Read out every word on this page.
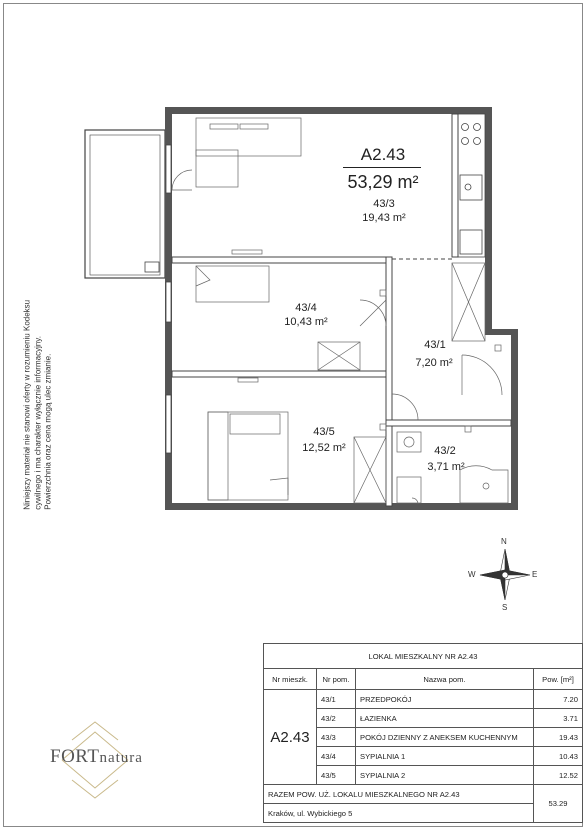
A2.43
53,29 m²
43/3
19,43 m²
43/4
10,43 m²
43/1
7,20 m²
43/5
12,52 m²	43/2
3,71 m²
Niniejszy materiał nie stanowi oferty w rozumieniu Kodeksu cywilnego i ma charakter wyłącznie informacyjny. Powierzchnia oraz cena mogą ulec zmianie.
N
S
W	E
FORTnatura
LOKAL MIESZKALNY NR A2.43			
Nr mieszk.	Nr pom.	Nazwa pom.	Pow. [m²]
A2.43	43/1	PRZEDPOKÓJ	7.20
	43/2	ŁAZIENKA	3.71
	43/3	POKÓJ DZIENNY Z ANEKSEM KUCHENNYM	19.43
	43/4	SYPIALNIA 1	10.43
	43/5	SYPIALNIA 2	12.52
RAZEM POW. UŻ. LOKALU MIESZKALNEGO NR A2.43			53.29
Kraków, ul. Wybickiego 5			
